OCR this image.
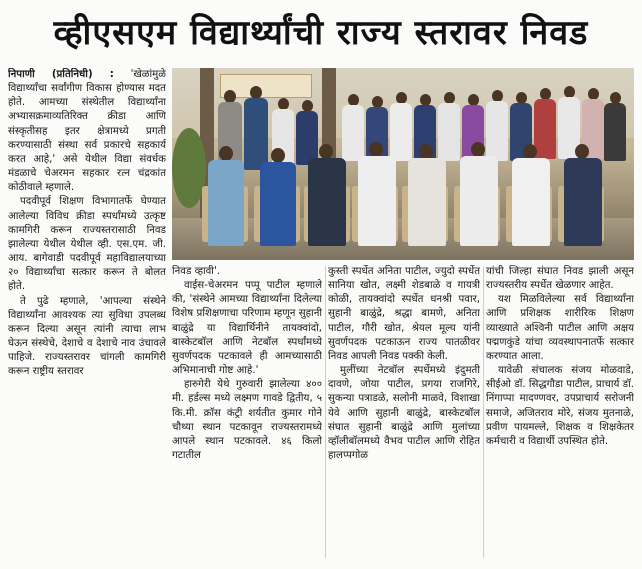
व्हीएसएम विद्यार्थ्यांची राज्य स्तरावर निवड

निपाणी (प्रतिनिधी) : 'खेळांमुळे विद्यार्थ्यांचा सर्वांगीण विकास होण्यास मदत होते. आमच्या संस्थेतील विद्यार्थ्यांना अभ्यासक्रमाव्यतिरिक्त क्रीडा आणि संस्कृतीसह इतर क्षेत्रामध्ये प्रगती करण्यासाठी संस्था सर्व प्रकारचे सहकार्य करत आहे,' असे येथील विद्या संवर्धक मंडळाचे चेअरमन सहकार रत्न चंद्रकांत कोठीवाले म्हणाले.

पदवीपूर्व शिक्षण विभागातर्फे घेण्यात आलेल्या विविध क्रीडा स्पर्धांमध्ये उत्कृष्ट कामगिरी करून राज्यस्तरासाठी निवड झालेल्या येथील येथील व्ही. एस.एम. जी. आय. बागेवाडी पदवीपूर्व महाविद्यालयाच्या २० विद्यार्थ्यांचा सत्कार करून ते बोलत होते.

ते पुढे म्हणाले, 'आपल्या संस्थेने विद्यार्थ्यांना आवश्यक त्या सुविधा उपलब्ध करून दिल्या असून त्यांनी त्याचा लाभ घेऊन संस्थेचे, देशाचे व देशाचे नाव उंचावले पाहिजे. राज्यस्तरावर चांगली कामगिरी करून राष्ट्रीय स्तरावर

निवड व्हावी'.

वाईस-चेअरमन पप्पू पाटील म्हणाले की, 'संस्थेने आमच्या विद्यार्थ्यांना दिलेल्या विशेष प्रशिक्षणाचा परिणाम म्हणून सुहानी बाळुंद्रे या विद्यार्थिनीने तायक्वांदो, बास्केटबॉल आणि नेटबॉल स्पर्धांमध्ये सुवर्णपदक पटकावले ही आमच्यासाठी अभिमानाची गोष्ट आहे.'

हारुगेरी येथे गुरुवारी झालेल्या ४०० मी. हर्डल्स मध्ये लक्ष्मण गावडे द्वितीय, ५ कि.मी. क्रॉस कंट्री शर्यतीत कुमार गोने चौथ्या स्थान पटकावून राज्यस्तरामध्ये आपले स्थान पटकावले. ४६ किलो गटातील

कुस्ती स्पर्धेत अनिता पाटील, ज्युदो स्पर्धेत सानिया खोत, लक्ष्मी शेडबाळे व गायत्री कोळी, तायक्वांदो स्पर्धेत धनश्री पवार, सुहानी बाळुंद्रे, श्रद्धा बामणे, अनिता पाटील, गौरी खोत, श्रेयल मूल्य यांनी सुवर्णपदक पटकाऊन राज्य पातळीवर निवड आपली निवड पक्की केली.

मुलींच्या नेटबॉल स्पर्धेमध्ये इंदुमती दावणे, जोया पाटील, प्रगया राजगिरे, सुकन्या पत्राडळे, सलोनी माळवे, विशाखा येवे आणि सुहानी बाळुंद्रे, बास्केटबॉल संघात सुहानी बाळुंद्रे आणि मुलांच्या व्हॉलीबॉलमध्ये वैभव पाटील आणि रोहित हालप्पगोळ

यांची जिल्हा संघात निवड झाली असून राज्यस्तरीय स्पर्धेत खेळणार आहेत.

यश मिळविलेल्या सर्व विद्यार्थ्यांना आणि प्रशिक्षक शारीरिक शिक्षण व्याख्याते अश्विनी पाटील आणि अक्षय पद्मणकुंडे यांचा व्यवस्थापनातर्फे सत्कार करण्यात आला.

यावेळी संचालक संजय मोळवाडे, सीईओ डॉ. सिद्धगौडा पाटील, प्राचार्य डॉ. निंगाप्पा मादण्णवर, उपप्राचार्य सरोजनी समाजे, अजितराव मोरे, संजय मुतनाळे, प्रवीण पायमल्ले, शिक्षक व शिक्षकेतर कर्मचारी व विद्यार्थी उपस्थित होते.
